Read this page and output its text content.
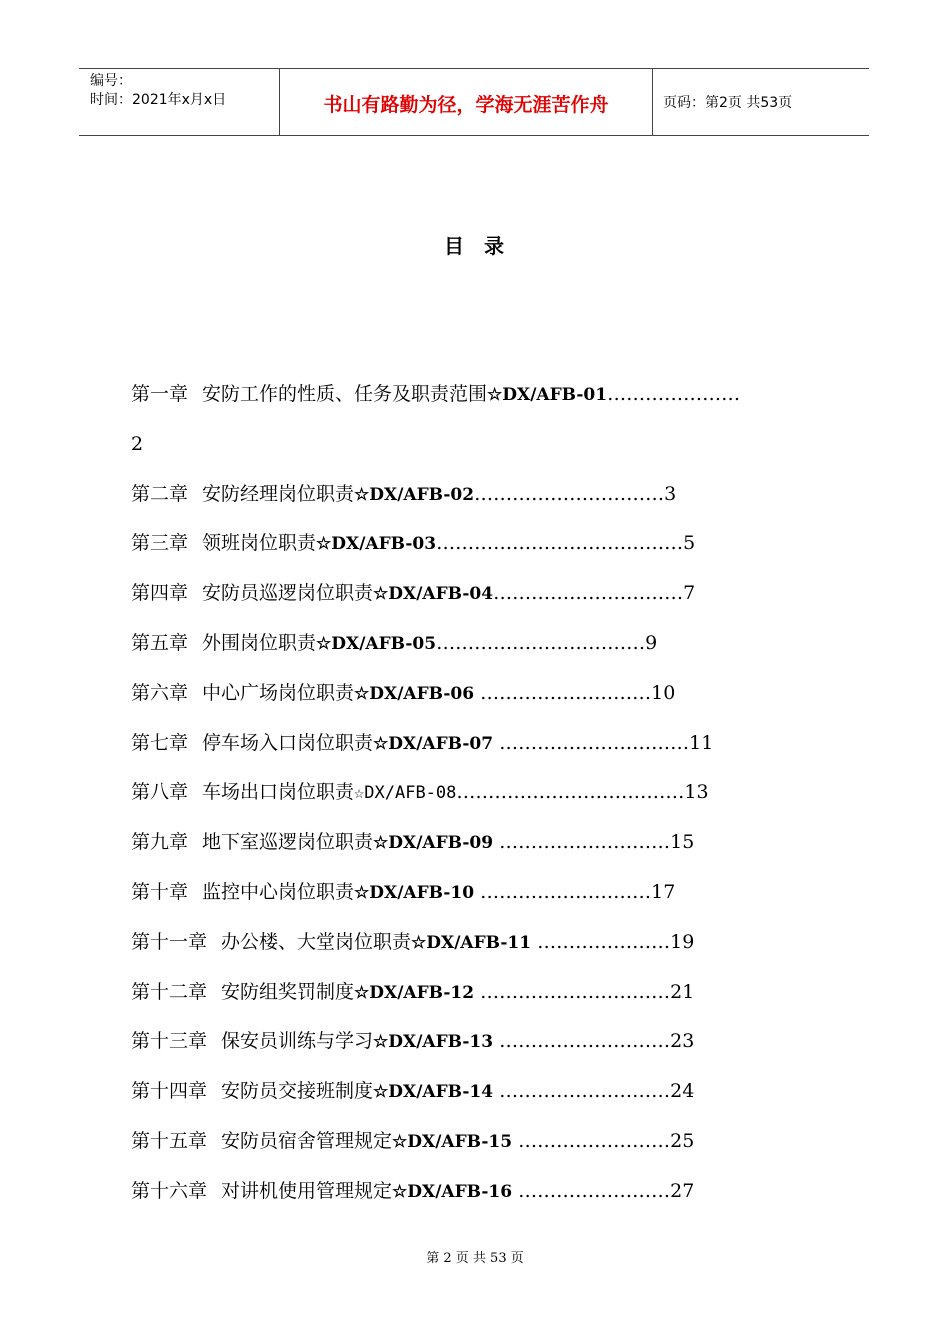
编号：
时间：2021年x月x日	书山有路勤为径，学海无涯苦作舟	页码：第2页 共53页
目  录
第一章 安防工作的性质、任务及职责范围☆DX/AFB-01…………………
2
第二章 安防经理岗位职责☆DX/AFB-02…………………………3
第三章 领班岗位职责☆DX/AFB-03…………………………………5
第四章 安防员巡逻岗位职责☆DX/AFB-04…………………………7
第五章 外围岗位职责☆DX/AFB-05……………………………9
第六章 中心广场岗位职责☆DX/AFB-06 ………………………10
第七章 停车场入口岗位职责☆DX/AFB-07 …………………………11
第八章 车场出口岗位职责☆DX/AFB-08………………………………13
第九章 地下室巡逻岗位职责☆DX/AFB-09 ………………………15
第十章 监控中心岗位职责☆DX/AFB-10 ………………………17
第十一章 办公楼、大堂岗位职责☆DX/AFB-11 …………………19
第十二章 安防组奖罚制度☆DX/AFB-12 …………………………21
第十三章 保安员训练与学习☆DX/AFB-13 ………………………23
第十四章 安防员交接班制度☆DX/AFB-14 ………………………24
第十五章 安防员宿舍管理规定☆DX/AFB-15 ……………………25
第十六章 对讲机使用管理规定☆DX/AFB-16 ……………………27
第 2 页 共 53 页
